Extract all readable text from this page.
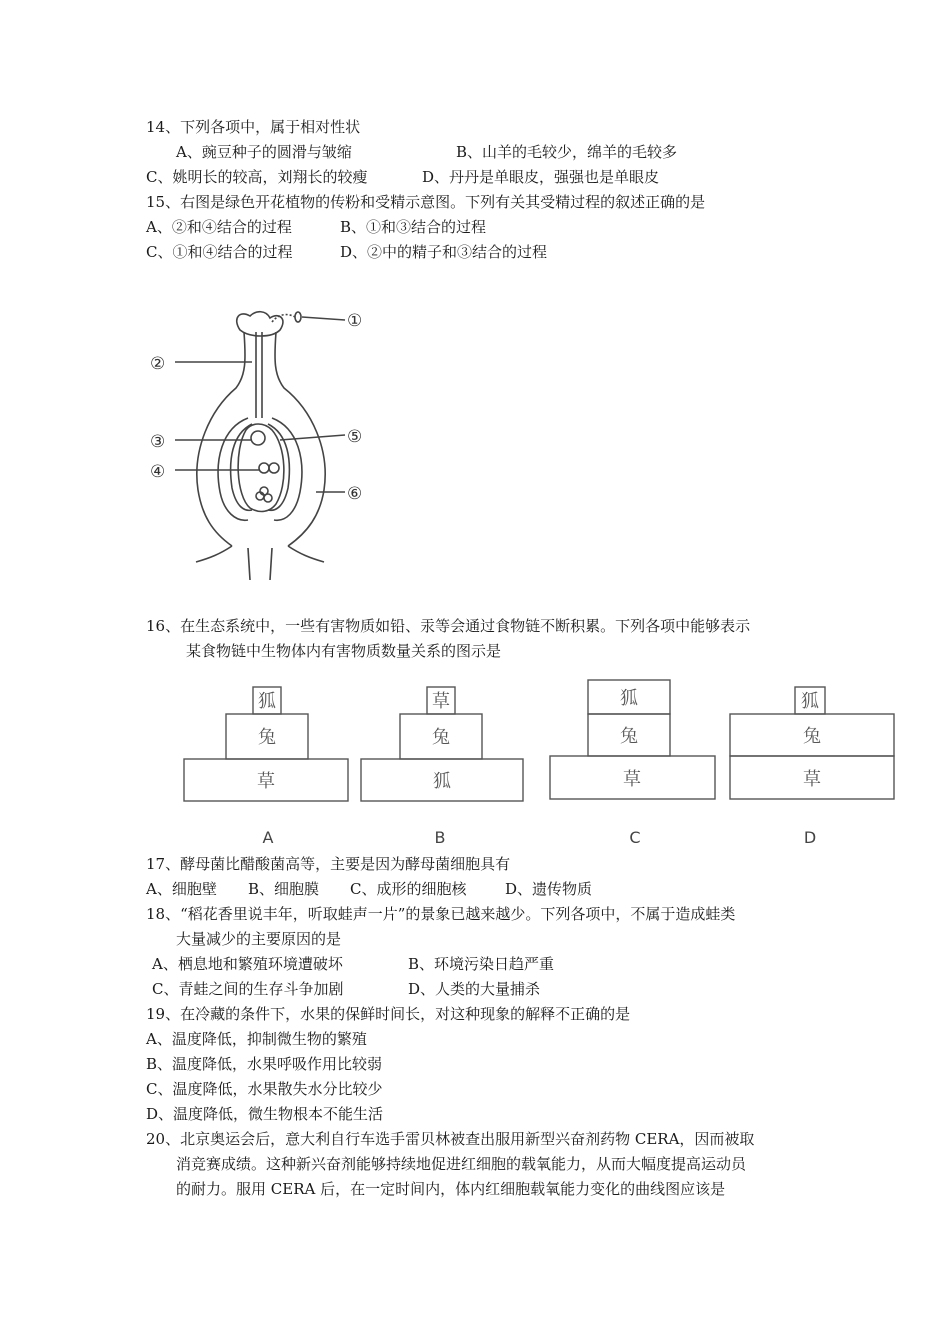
14、下列各项中，属于相对性状
A、豌豆种子的圆滑与皱缩	B、山羊的毛较少，绵羊的毛较多
C、姚明长的较高，刘翔长的较瘦	D、丹丹是单眼皮，强强也是单眼皮
15、右图是绿色开花植物的传粉和受精示意图。下列有关其受精过程的叙述正确的是
A、②和④结合的过程	B、①和③结合的过程
C、①和④结合的过程	D、②中的精子和③结合的过程
①
②
③
④
⑤
⑥
16、在生态系统中，一些有害物质如铅、汞等会通过食物链不断积累。下列各项中能够表示
某食物链中生物体内有害物质数量关系的图示是
狐
兔
草
草
兔
狐
狐
兔
草
狐
兔
草
A	B	C	D
17、酵母菌比醋酸菌高等，主要是因为酵母菌细胞具有
A、细胞壁 B、细胞膜 C、成形的细胞核	D、遗传物质
18、“稻花香里说丰年，听取蛙声一片”的景象已越来越少。下列各项中，不属于造成蛙类
大量减少的主要原因的是
A、栖息地和繁殖环境遭破坏	B、环境污染日趋严重
C、青蛙之间的生存斗争加剧	D、人类的大量捕杀
19、在冷藏的条件下，水果的保鲜时间长，对这种现象的解释不正确的是
A、温度降低，抑制微生物的繁殖
B、温度降低，水果呼吸作用比较弱
C、温度降低，水果散失水分比较少
D、温度降低，微生物根本不能生活
20、北京奥运会后，意大利自行车选手雷贝林被查出服用新型兴奋剂药物 CERA，因而被取
消竞赛成绩。这种新兴奋剂能够持续地促进红细胞的载氧能力，从而大幅度提高运动员
的耐力。服用 CERA 后，在一定时间内，体内红细胞载氧能力变化的曲线图应该是
